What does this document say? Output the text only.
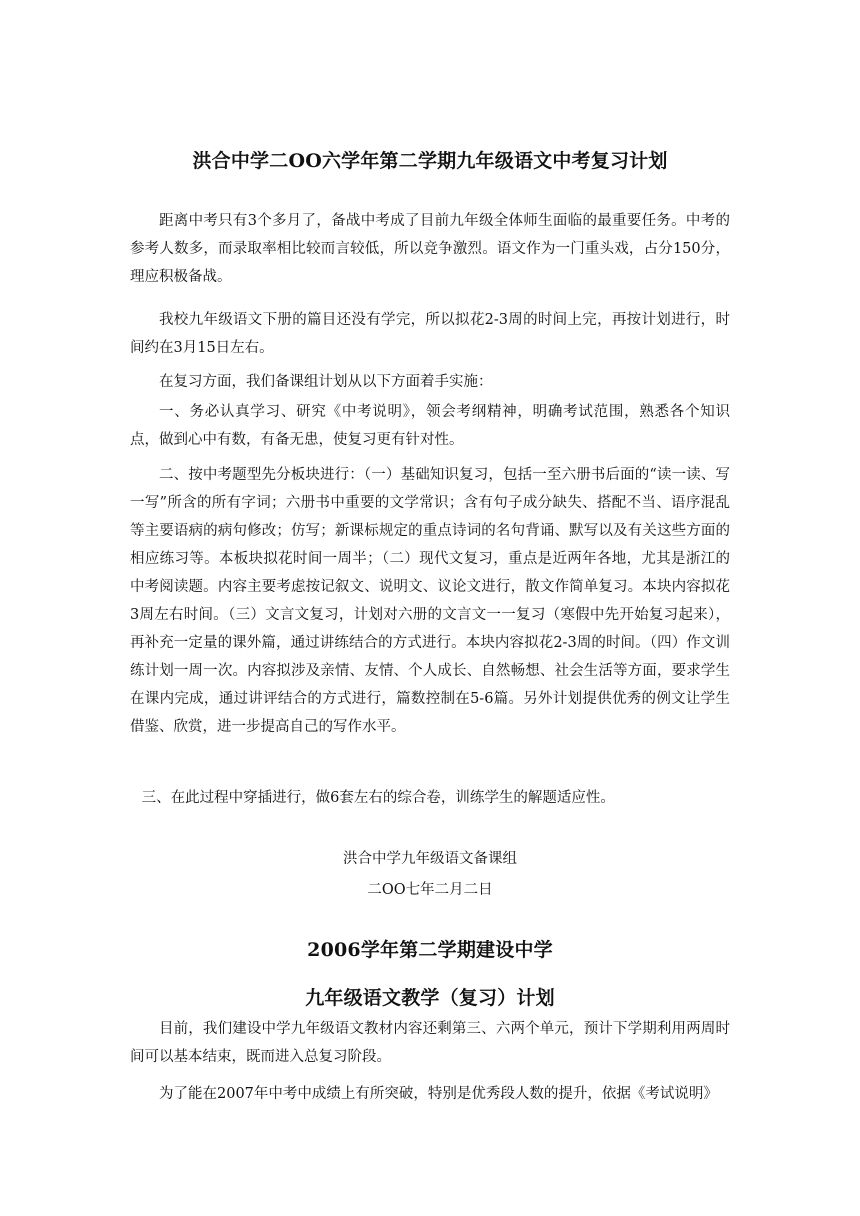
洪合中学二OO六学年第二学期九年级语文中考复习计划

距离中考只有3个多月了，备战中考成了目前九年级全体师生面临的最重要任务。中考的参考人数多，而录取率相比较而言较低，所以竞争激烈。语文作为一门重头戏，占分150分，理应积极备战。

我校九年级语文下册的篇目还没有学完，所以拟花2-3周的时间上完，再按计划进行，时间约在3月15日左右。

在复习方面，我们备课组计划从以下方面着手实施：

一、务必认真学习、研究《中考说明》，领会考纲精神，明确考试范围，熟悉各个知识点，做到心中有数，有备无患，使复习更有针对性。

二、按中考题型先分板块进行：（一）基础知识复习，包括一至六册书后面的“读一读、写一写”所含的所有字词；六册书中重要的文学常识；含有句子成分缺失、搭配不当、语序混乱等主要语病的病句修改；仿写；新课标规定的重点诗词的名句背诵、默写以及有关这些方面的相应练习等。本板块拟花时间一周半；（二）现代文复习，重点是近两年各地，尤其是浙江的中考阅读题。内容主要考虑按记叙文、说明文、议论文进行，散文作简单复习。本块内容拟花3周左右时间。（三）文言文复习，计划对六册的文言文一一复习（寒假中先开始复习起来），再补充一定量的课外篇，通过讲练结合的方式进行。本块内容拟花2-3周的时间。（四）作文训练计划一周一次。内容拟涉及亲情、友情、个人成长、自然畅想、社会生活等方面，要求学生在课内完成，通过讲评结合的方式进行，篇数控制在5-6篇。另外计划提供优秀的例文让学生借鉴、欣赏，进一步提高自己的写作水平。

三、在此过程中穿插进行，做6套左右的综合卷，训练学生的解题适应性。

洪合中学九年级语文备课组

二OO七年二月二日

2006学年第二学期建设中学
九年级语文教学（复习）计划

目前，我们建设中学九年级语文教材内容还剩第三、六两个单元，预计下学期利用两周时间可以基本结束，既而进入总复习阶段。

为了能在2007年中考中成绩上有所突破，特别是优秀段人数的提升，依据《考试说明》
